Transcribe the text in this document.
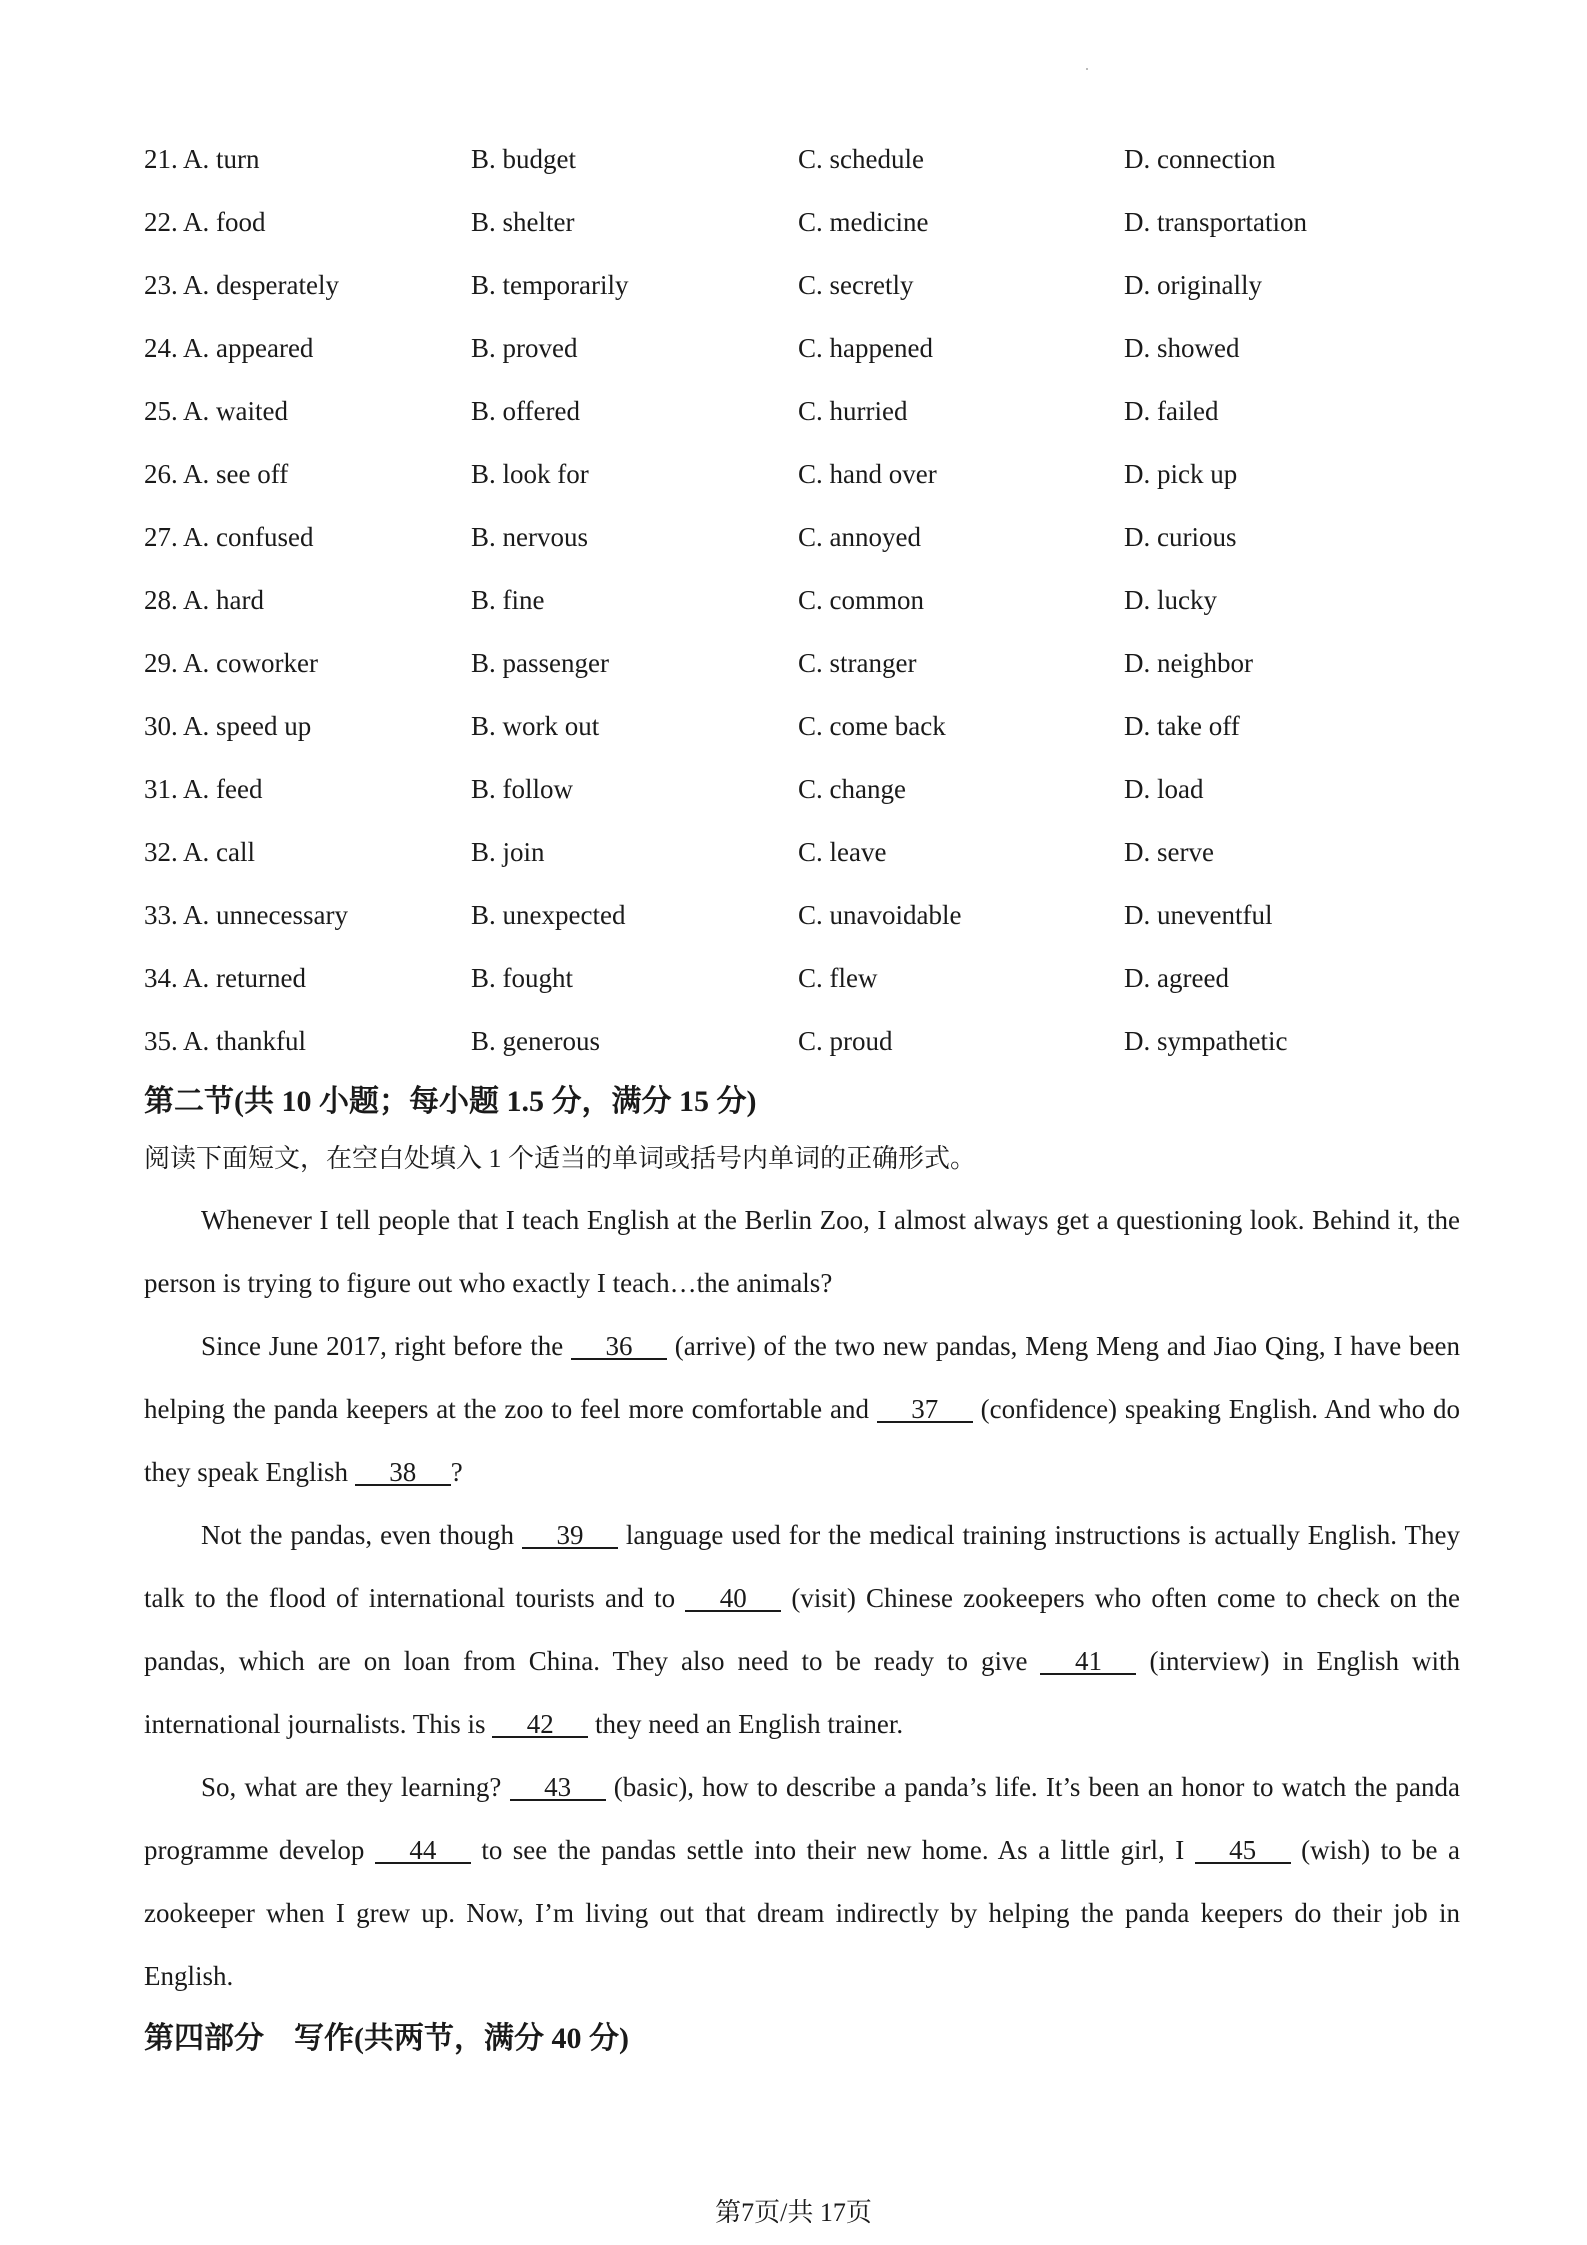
21. A. turn	B. budget	C. schedule	D. connection
22. A. food	B. shelter	C. medicine	D. transportation
23. A. desperately	B. temporarily	C. secretly	D. originally
24. A. appeared	B. proved	C. happened	D. showed
25. A. waited	B. offered	C. hurried	D. failed
26. A. see off	B. look for	C. hand over	D. pick up
27. A. confused	B. nervous	C. annoyed	D. curious
28. A. hard	B. fine	C. common	D. lucky
29. A. coworker	B. passenger	C. stranger	D. neighbor
30. A. speed up	B. work out	C. come back	D. take off
31. A. feed	B. follow	C. change	D. load
32. A. call	B. join	C. leave	D. serve
33. A. unnecessary	B. unexpected	C. unavoidable	D. uneventful
34. A. returned	B. fought	C. flew	D. agreed
35. A. thankful	B. generous	C. proud	D. sympathetic
第二节(共 10 小题；每小题 1.5 分，满分 15 分)
阅读下面短文，在空白处填入 1 个适当的单词或括号内单词的正确形式。

Whenever I tell people that I teach English at the Berlin Zoo, I almost always get a questioning look. Behind it, the person is trying to figure out who exactly I teach…the animals?

Since June 2017, right before the 36 (arrive) of the two new pandas, Meng Meng and Jiao Qing, I have been helping the panda keepers at the zoo to feel more comfortable and 37 (confidence) speaking English. And who do they speak English 38 ?

Not the pandas, even though 39 language used for the medical training instructions is actually English. They talk to the flood of international tourists and to 40 (visit) Chinese zookeepers who often come to check on the pandas, which are on loan from China. They also need to be ready to give 41 (interview) in English with international journalists. This is 42 they need an English trainer.

So, what are they learning? 43 (basic), how to describe a panda’s life. It’s been an honor to watch the panda programme develop 44 to see the pandas settle into their new home. As a little girl, I 45 (wish) to be a zookeeper when I grew up. Now, I’m living out that dream indirectly by helping the panda keepers do their job in English.

第四部分　写作(共两节，满分 40 分)
第7页/共 17页
